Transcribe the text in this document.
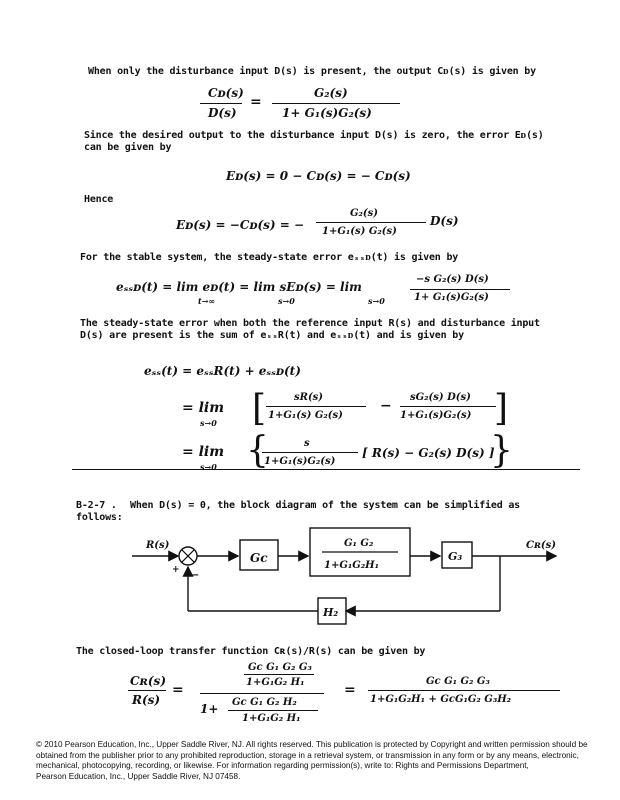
When only the disturbance input D(s) is present, the output Cᴅ(s) is given by
Cᴅ(s)
D(s)
=
G₂(s)
1+ G₁(s)G₂(s)
Since the desired output to the disturbance input D(s) is zero, the error Eᴅ(s)
can be given by
Eᴅ(s) = 0 − Cᴅ(s) = − Cᴅ(s)
Hence
Eᴅ(s) = −Cᴅ(s) = −
G₂(s)
1+G₁(s) G₂(s)
D(s)
For the stable system, the steady-state error eₛₛᴅ(t) is given by
eₛₛᴅ(t) = lim eᴅ(t) = lim sEᴅ(s) = lim
t→∞	s→0	s→0
−s G₂(s) D(s)
1+ G₁(s)G₂(s)
The steady-state error when both the reference input R(s) and disturbance input
D(s) are present is the sum of eₛₛR(t) and eₛₛᴅ(t) and is given by
eₛₛ(t) = eₛₛR(t) + eₛₛᴅ(t)
= lim
s→0 [	sR(s)
1+G₁(s) G₂(s)
−
sG₂(s) D(s)
1+G₁(s)G₂(s) ]
= lim
s→0 {	s
1+G₁(s)G₂(s)
[ R(s) − G₂(s) D(s) ]
}
B-2-7 . When D(s) = 0, the block diagram of the system can be simplified as
follows:
R(s)
+ −
Gc
G₁ G₂
1+G₁G₂H₁
G₃
Cʀ(s)
H₂
The closed-loop transfer function Cʀ(s)/R(s) can be given by
Cʀ(s)
R(s)
=
Gc G₁ G₂ G₃
1+G₁G₂ H₁
1+ Gc G₁ G₂ H₂
1+G₁G₂ H₁
=
Gc G₁ G₂ G₃
1+G₁G₂H₁ + GcG₁G₂ G₃H₂
© 2010 Pearson Education, Inc., Upper Saddle River, NJ. All rights reserved. This publication is protected by Copyright and written permission should be
obtained from the publisher prior to any prohibited reproduction, storage in a retrieval system, or transmission in any form or by any means, electronic,
mechanical, photocopying, recording, or likewise. For information regarding permission(s), write to: Rights and Permissions Department,
Pearson Education, Inc., Upper Saddle River, NJ 07458.
